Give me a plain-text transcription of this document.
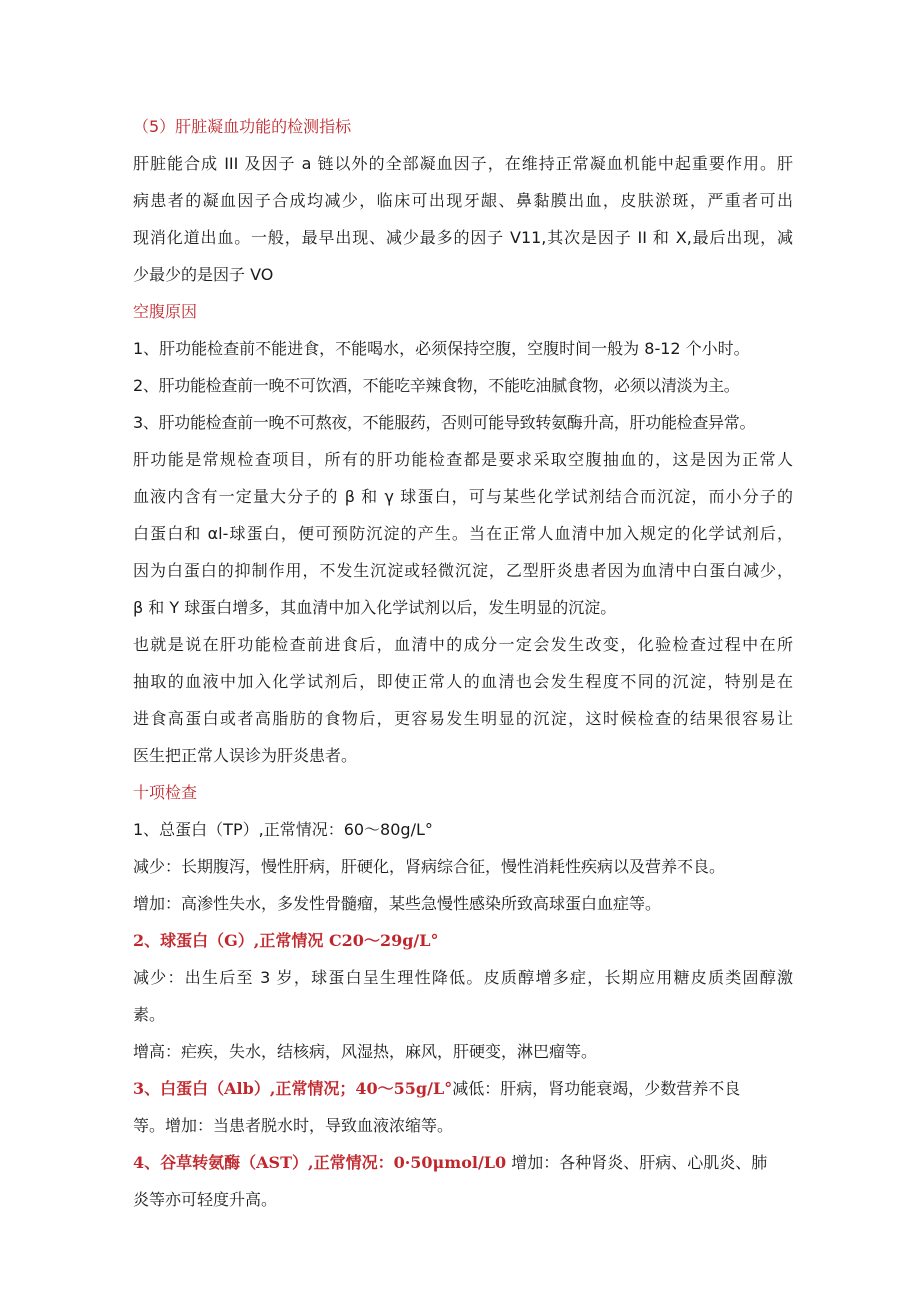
（5）肝脏凝血功能的检测指标
肝脏能合成 III 及因子 a 链以外的全部凝血因子，在维持正常凝血机能中起重要作用。肝
病患者的凝血因子合成均减少，临床可出现牙龈、鼻黏膜出血，皮肤淤斑，严重者可出
现消化道出血。一般，最早出现、减少最多的因子 V11,其次是因子 II 和 X,最后出现，减
少最少的是因子 VO
空腹原因
1、肝功能检查前不能进食，不能喝水，必须保持空腹，空腹时间一般为 8-12 个小时。
2、肝功能检查前一晚不可饮酒，不能吃辛辣食物，不能吃油腻食物，必须以清淡为主。
3、肝功能检查前一晚不可熬夜，不能服药，否则可能导致转氨酶升高，肝功能检查异常。
肝功能是常规检查项目，所有的肝功能检查都是要求采取空腹抽血的，这是因为正常人
血液内含有一定量大分子的 β 和 γ 球蛋白，可与某些化学试剂结合而沉淀，而小分子的
白蛋白和 αl-球蛋白，便可预防沉淀的产生。当在正常人血清中加入规定的化学试剂后，
因为白蛋白的抑制作用，不发生沉淀或轻微沉淀，乙型肝炎患者因为血清中白蛋白减少，
β 和 Y 球蛋白增多，其血清中加入化学试剂以后，发生明显的沉淀。
也就是说在肝功能检查前进食后，血清中的成分一定会发生改变，化验检查过程中在所
抽取的血液中加入化学试剂后，即使正常人的血清也会发生程度不同的沉淀，特别是在
进食高蛋白或者高脂肪的食物后，更容易发生明显的沉淀，这时候检查的结果很容易让
医生把正常人误诊为肝炎患者。
十项检查
1、总蛋白（TP）,正常情况：60～80g∕L°
减少：长期腹泻，慢性肝病，肝硬化，肾病综合征，慢性消耗性疾病以及营养不良。
增加：高渗性失水，多发性骨髓瘤，某些急慢性感染所致高球蛋白血症等。
2、球蛋白（G）,正常情况 C20～29g∕L°
减少：出生后至 3 岁，球蛋白呈生理性降低。皮质醇增多症，长期应用糖皮质类固醇激
素。
增高：疟疾，失水，结核病，风湿热，麻风，肝硬变，淋巴瘤等。
3、白蛋白（Alb）,正常情况；40～55g∕L°减低：肝病，肾功能衰竭，少数营养不良
等。增加：当患者脱水时，导致血液浓缩等。
4、谷草转氨酶（AST）,正常情况：0·50μmol∕L0 增加：各种肾炎、肝病、心肌炎、肺
炎等亦可轻度升高。
